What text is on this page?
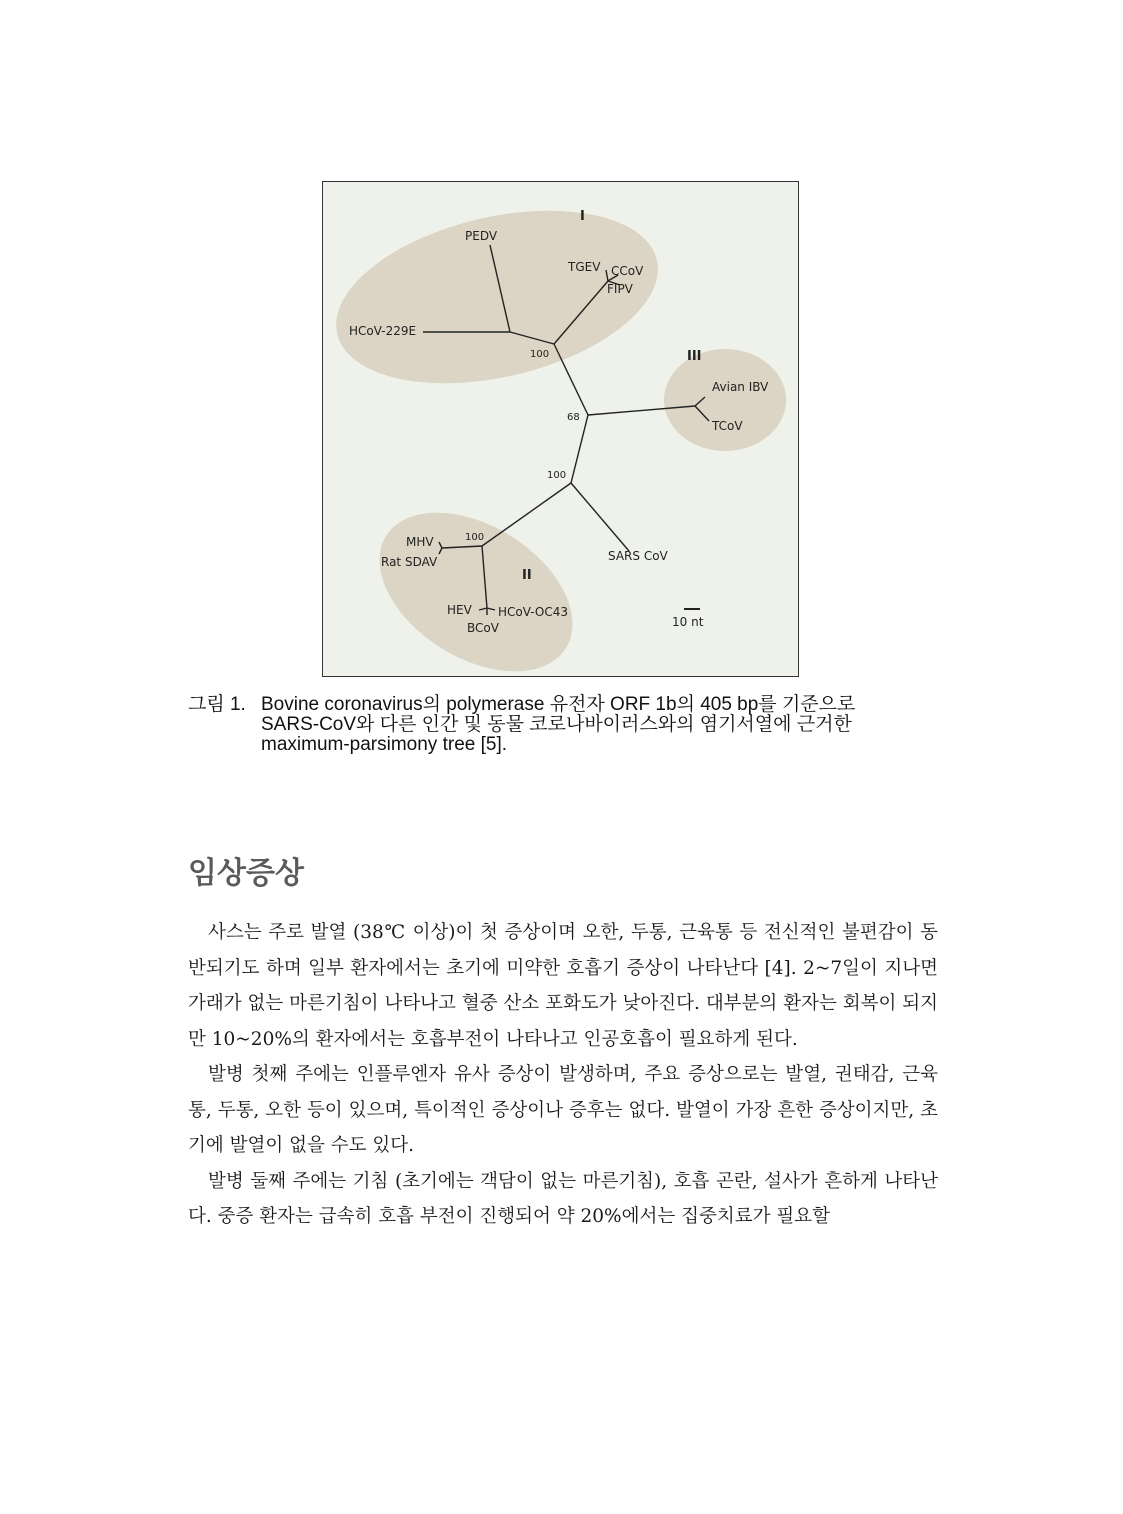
I
III
II
PEDV
TGEV CCoV
FIPV
HCoV-229E
Avian IBV
TCoV
SARS CoV
MHV
Rat SDAV
HEV HCoV-OC43
BCoV	10 nt
100
68
100
100
그림 1. Bovine coronavirus의 polymerase 유전자 ORF 1b의 405 bp를 기준으로
SARS-CoV와 다른 인간 및 동물 코로나바이러스와의 염기서열에 근거한
maximum-parsimony tree [5].
임상증상

사스는 주로 발열 (38℃ 이상)이 첫 증상이며 오한, 두통, 근육통 등 전신적인 불편감이 동반되기도 하며 일부 환자에서는 초기에 미약한 호흡기 증상이 나타난다 [4]. 2~7일이 지나면 가래가 없는 마른기침이 나타나고 혈중 산소 포화도가 낮아진다. 대부분의 환자는 회복이 되지만 10~20%의 환자에서는 호흡부전이 나타나고 인공호흡이 필요하게 된다.

발병 첫째 주에는 인플루엔자 유사 증상이 발생하며, 주요 증상으로는 발열, 권태감, 근육통, 두통, 오한 등이 있으며, 특이적인 증상이나 증후는 없다. 발열이 가장 흔한 증상이지만, 초기에 발열이 없을 수도 있다.

발병 둘째 주에는 기침 (초기에는 객담이 없는 마른기침), 호흡 곤란, 설사가 흔하게 나타난다. 중증 환자는 급속히 호흡 부전이 진행되어 약 20%에서는 집중치료가 필요할
